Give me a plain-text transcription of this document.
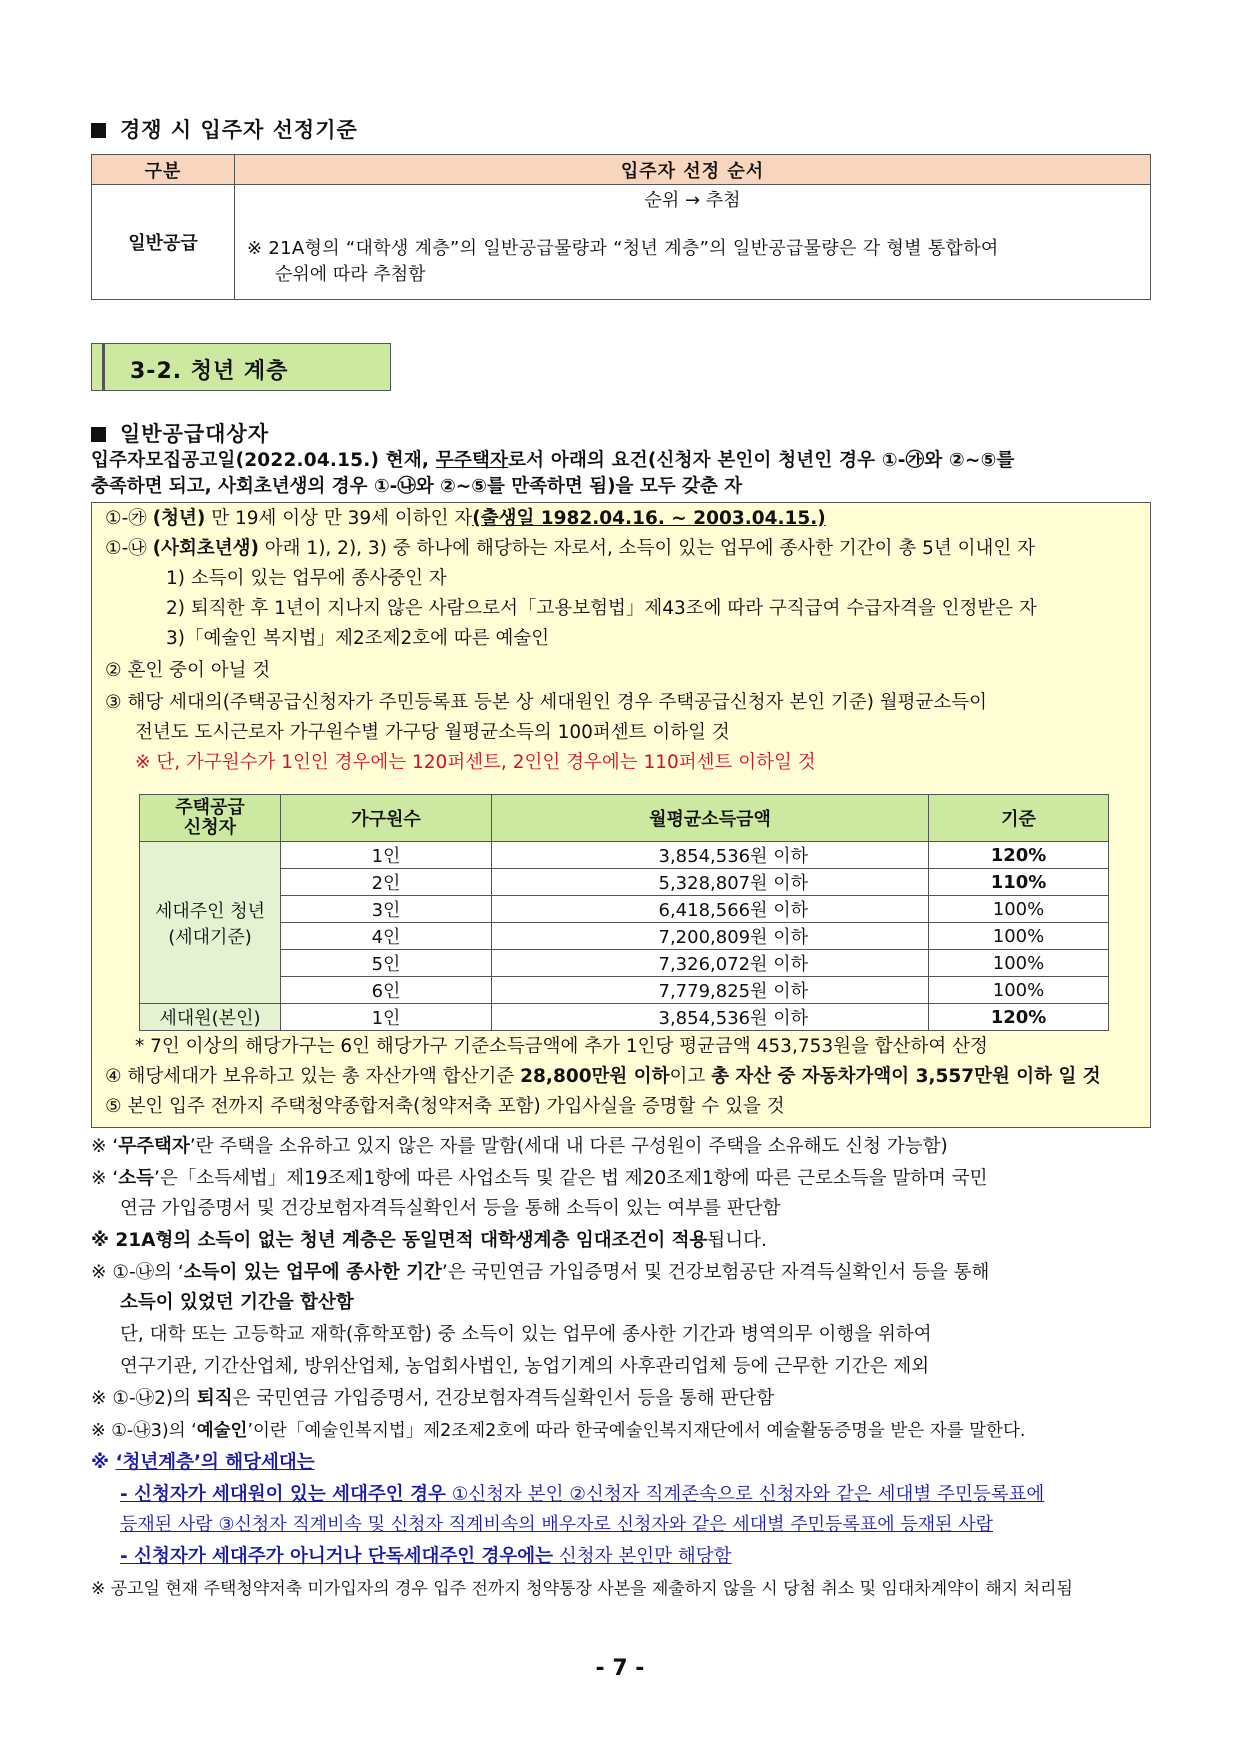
경쟁 시 입주자 선정기준
구분	입주자 선정 순서
일반공급	순위 → 추첨
※ 21A형의 “대학생 계층”의 일반공급물량과 “청년 계층”의 일반공급물량은 각 형별 통합하여
순위에 따라 추첨함
3-2. 청년 계층
일반공급대상자
입주자모집공고일(2022.04.15.) 현재, 무주택자로서 아래의 요건(신청자 본인이 청년인 경우 ①-㉮와 ②~⑤를
충족하면 되고, 사회초년생의 경우 ①-㉯와 ②~⑤를 만족하면 됨)을 모두 갖춘 자
①-㉮ (청년) 만 19세 이상 만 39세 이하인 자(출생일 1982.04.16. ~ 2003.04.15.)
①-㉯ (사회초년생) 아래 1), 2), 3) 중 하나에 해당하는 자로서, 소득이 있는 업무에 종사한 기간이 총 5년 이내인 자
1) 소득이 있는 업무에 종사중인 자
2) 퇴직한 후 1년이 지나지 않은 사람으로서「고용보험법」제43조에 따라 구직급여 수급자격을 인정받은 자
3)「예술인 복지법」제2조제2호에 따른 예술인
② 혼인 중이 아닐 것
③ 해당 세대의(주택공급신청자가 주민등록표 등본 상 세대원인 경우 주택공급신청자 본인 기준) 월평균소득이
전년도 도시근로자 가구원수별 가구당 월평균소득의 100퍼센트 이하일 것
※ 단, 가구원수가 1인인 경우에는 120퍼센트, 2인인 경우에는 110퍼센트 이하일 것
주택공급
신청자	가구원수	월평균소득금액	기준

세대주인 청년
(세대기준)	1인	3,854,536원 이하	120%
	2인	5,328,807원 이하	110%
	3인	6,418,566원 이하	100%
	4인	7,200,809원 이하	100%
	5인	7,326,072원 이하	100%
	6인	7,779,825원 이하	100%
세대원(본인)	1인	3,854,536원 이하	120%
* 7인 이상의 해당가구는 6인 해당가구 기준소득금액에 추가 1인당 평균금액 453,753원을 합산하여 산정
④ 해당세대가 보유하고 있는 총 자산가액 합산기준 28,800만원 이하이고 총 자산 중 자동차가액이 3,557만원 이하 일 것
⑤ 본인 입주 전까지 주택청약종합저축(청약저축 포함) 가입사실을 증명할 수 있을 것
※ ‘무주택자’란 주택을 소유하고 있지 않은 자를 말함(세대 내 다른 구성원이 주택을 소유해도 신청 가능함)
※ ‘소득’은「소득세법」제19조제1항에 따른 사업소득 및 같은 법 제20조제1항에 따른 근로소득을 말하며 국민
연금 가입증명서 및 건강보험자격득실확인서 등을 통해 소득이 있는 여부를 판단함
※ 21A형의 소득이 없는 청년 계층은 동일면적 대학생계층 임대조건이 적용됩니다.
※ ①-㉯의 ‘소득이 있는 업무에 종사한 기간’은 국민연금 가입증명서 및 건강보험공단 자격득실확인서 등을 통해
소득이 있었던 기간을 합산함
단, 대학 또는 고등학교 재학(휴학포함) 중 소득이 있는 업무에 종사한 기간과 병역의무 이행을 위하여
연구기관, 기간산업체, 방위산업체, 농업회사법인, 농업기계의 사후관리업체 등에 근무한 기간은 제외
※ ①-㉯2)의 퇴직은 국민연금 가입증명서, 건강보험자격득실확인서 등을 통해 판단함
※ ①-㉯3)의 ‘예술인’이란「예술인복지법」제2조제2호에 따라 한국예술인복지재단에서 예술활동증명을 받은 자를 말한다.
※ ‘청년계층’의 해당세대는
- 신청자가 세대원이 있는 세대주인 경우 ①신청자 본인 ②신청자 직계존속으로 신청자와 같은 세대별 주민등록표에
등재된 사람 ③신청자 직계비속 및 신청자 직계비속의 배우자로 신청자와 같은 세대별 주민등록표에 등재된 사람
- 신청자가 세대주가 아니거나 단독세대주인 경우에는 신청자 본인만 해당함
※ 공고일 현재 주택청약저축 미가입자의 경우 입주 전까지 청약통장 사본을 제출하지 않을 시 당첨 취소 및 임대차계약이 해지 처리됨
- 7 -
